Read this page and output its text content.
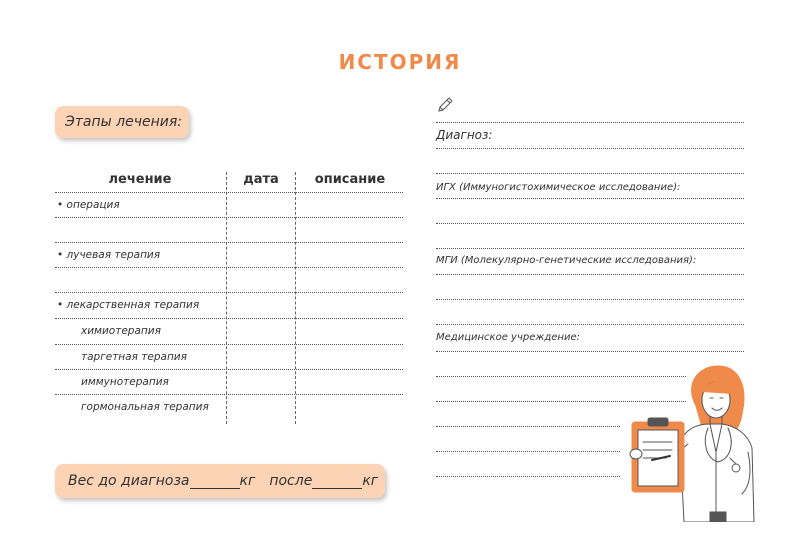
ИСТОРИЯ
Этапы лечения:
лечение	дата	описание
• операция
• лучевая терапия
• лекарственная терапия
химиотерапия
таргетная терапия
иммунотерапия
гормональная терапия
Вес до диагноза	кг после	кг
Диагноз:
ИГХ (Иммуногистохимическое исследование):
МГИ (Молекулярно-генетические исследования):
Медицинское учреждение:
